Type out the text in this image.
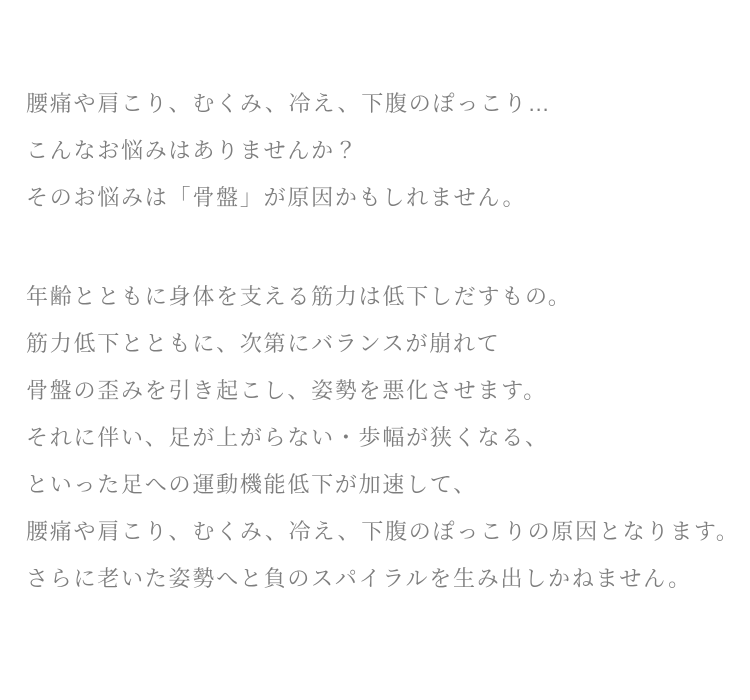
腰痛や肩こり、むくみ、冷え、下腹のぽっこり…
こんなお悩みはありませんか？
そのお悩みは「骨盤」が原因かもしれません。

年齢とともに身体を支える筋力は低下しだすもの。
筋力低下とともに、次第にバランスが崩れて
骨盤の歪みを引き起こし、姿勢を悪化させます。
それに伴い、足が上がらない・歩幅が狭くなる、
といった足への運動機能低下が加速して、
腰痛や肩こり、むくみ、冷え、下腹のぽっこりの原因となります。
さらに老いた姿勢へと負のスパイラルを生み出しかねません。
